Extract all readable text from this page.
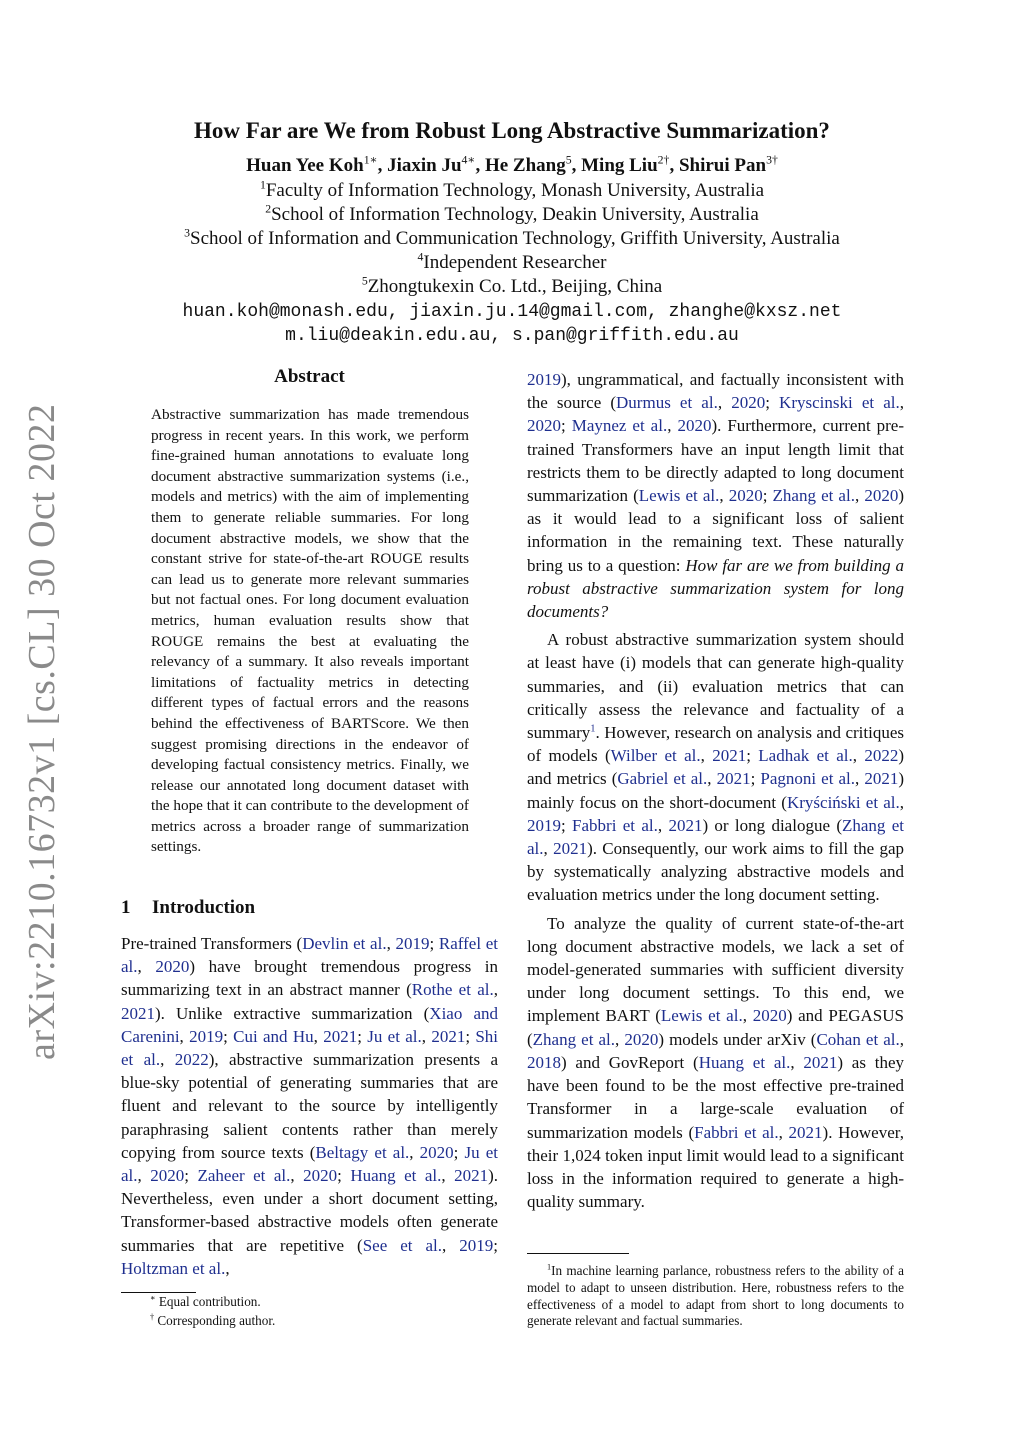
arXiv:2210.16732v1 [cs.CL] 30 Oct 2022
How Far are We from Robust Long Abstractive Summarization?
Huan Yee Koh$^{1∗}$, Jiaxin $Ju^{4∗}$, He Zhang$^5$, Ming Liu$^{2\dagger}$, Shirui Pan$^{3\dagger}$
$^1$Faculty of Information Technology, Monash University, Australia
$^2$School of Information Technology, Deakin University, Australia
$^3$School of Information and Communication Technology, Griffith University, Australia
$^4$Independent Researcher
$^5$Zhongtukexin Co. Ltd., Beijing, China
huan.koh@monash.edu, jiaxin.ju.14@gmail.com, zhanghe@kxsz.net
m.liu@deakin.edu.au, s.pan@griffith.edu.au
Abstract
Abstractive summarization has made tremendous progress in recent years. In this work, we perform fine-grained human annotations to evaluate long document abstractive summarization systems (i.e., models and metrics) with the aim of implementing them to generate reliable summaries. For long document abstractive models, we show that the constant strive for state-of-the-art ROUGE results can lead us to generate more relevant summaries but not factual ones. For long document evaluation metrics, human evaluation results show that ROUGE remains the best at evaluating the relevancy of a summary. It also reveals important limitations of factuality metrics in detecting different types of factual errors and the reasons behind the effectiveness of BARTScore. We then suggest promising directions in the endeavor of developing factual consistency metrics. Finally, we release our annotated long document dataset with the hope that it can contribute to the development of metrics across a broader range of summarization settings.
1 Introduction
Pre-trained Transformers (Devlin et al., 2019; Raffel et al., 2020) have brought tremendous progress in summarizing text in an abstract manner (Rothe et al., 2021). Unlike extractive summarization (Xiao and Carenini, 2019; Cui and Hu, 2021; Ju et al., 2021; Shi et al., 2022), abstractive summarization presents a blue-sky potential of generating summaries that are fluent and relevant to the source by intelligently paraphrasing salient contents rather than merely copying from source texts (Beltagy et al., 2020; Ju et al., 2020; Zaheer et al., 2020; Huang et al., 2021). Nevertheless, even under a short document setting, Transformer-based abstractive models often generate summaries that are repetitive (See et al., 2019; Holtzman et al.,

2019), ungrammatical, and factually inconsistent with the source (Durmus et al., 2020; Kryscinski et al., 2020; Maynez et al., 2020). Furthermore, current pre-trained Transformers have an input length limit that restricts them to be directly adapted to long document summarization (Lewis et al., 2020; Zhang et al., 2020) as it would lead to a significant loss of salient information in the remaining text. These naturally bring us to a question: How far are we from building a robust abstractive summarization system for long documents?

A robust abstractive summarization system should at least have (i) models that can generate high-quality summaries, and (ii) evaluation metrics that can critically assess the relevance and factuality of a summary$^1$. However, research on analysis and critiques of models (Wilber et al., 2021; Ladhak et al., 2022) and metrics (Gabriel et al., 2021; Pagnoni et al., 2021) mainly focus on the short-document (Kryściński et al., 2019; Fabbri et al., 2021) or long dialogue (Zhang et al., 2021). Consequently, our work aims to fill the gap by systematically analyzing abstractive models and evaluation metrics under the long document setting.

To analyze the quality of current state-of-the-art long document abstractive models, we lack a set of model-generated summaries with sufficient diversity under long document settings. To this end, we implement BART (Lewis et al., 2020) and PEGASUS (Zhang et al., 2020) models under arXiv (Cohan et al., 2018) and GovReport (Huang et al., 2021) as they have been found to be the most effective pre-trained Transformer in a large-scale evaluation of summarization models (Fabbri et al., 2021). However, their 1,024 token input limit would lead to a significant loss in the information required to generate a high-quality summary.

∗ Equal contribution.
† Corresponding author.
$^1$In machine learning parlance, robustness refers to the ability of a model to adapt to unseen distribution. Here, robustness refers to the effectiveness of a model to adapt from short to long documents to generate relevant and factual summaries.
